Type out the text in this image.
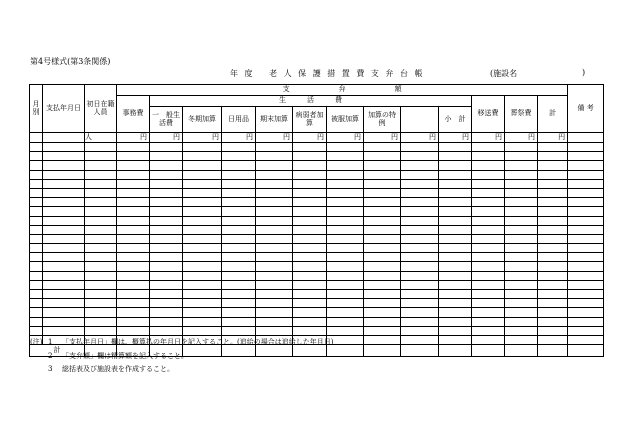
第4号様式(第3条関係)
年 度　 老 人 保 護 措 置 費 支 弁 台 帳	(施設名	)
月　別	支払年月日	初日在籍人員	支　　　　　　　弁　　　　　　　額													備 考
			事務費	生　　　活　　　費									移送費	葬祭費	計	
				一　般生活費	冬期加算	日用品	期末加算	病弱者加　算	被服加算	加算の特　例		小　計				
		人	円	円	円	円	円	円	円	円	円	円	円	円	円	

計																
(注) 1 「支払年月日」欄は、概算払の年月日を記入すること。(追給の場合は追給した年月日)
2 「支弁額」欄は精算額を記入すること。
3 総括表及び施設表を作成すること。
